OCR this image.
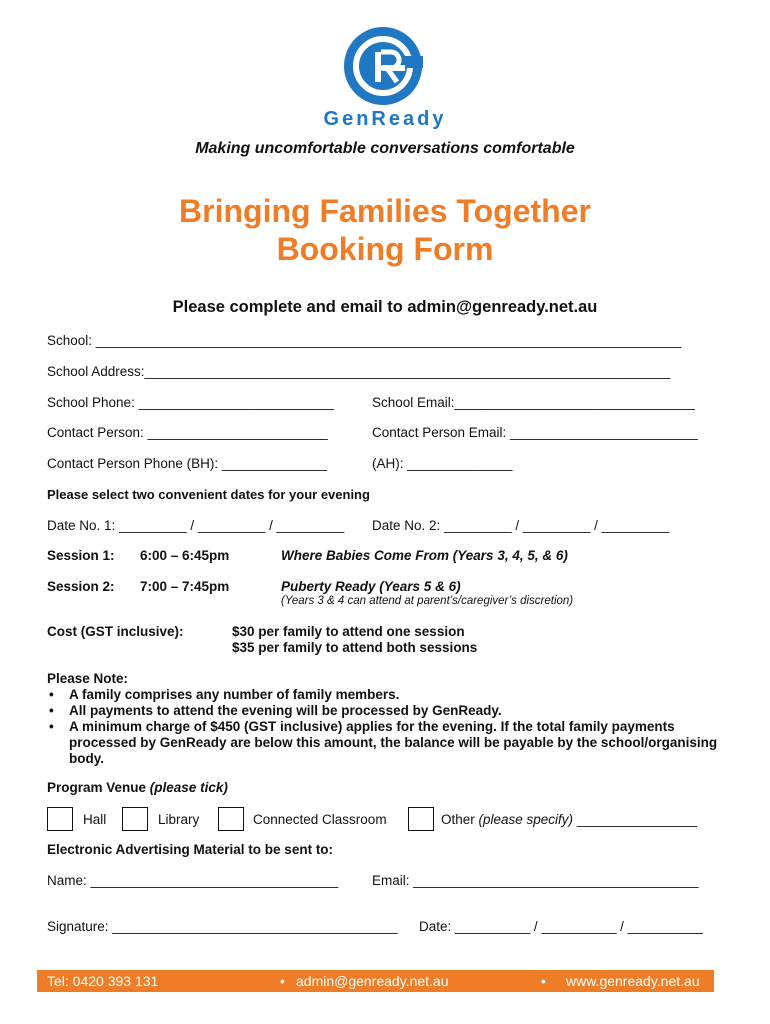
GenReady
Making uncomfortable conversations comfortable
Bringing Families Together
Booking Form
Please complete and email to admin@genready.net.au
School: ______________________________________________________________________________
School Address:______________________________________________________________________
School Phone: __________________________	School Email:________________________________
Contact Person: ________________________	Contact Person Email: _________________________
Contact Person Phone (BH): ______________	(AH): ______________
Please select two convenient dates for your evening
Date No. 1: _________ / _________ / _________ Date No. 2: _________ / _________ / _________
Session 1: 6:00 – 6:45pm	Where Babies Come From (Years 3, 4, 5, & 6)
Session 2: 7:00 – 7:45pm	Puberty Ready (Years 5 & 6)
(Years 3 & 4 can attend at parent’s/caregiver’s discretion)
Cost (GST inclusive):	$30 per family to attend one session
$35 per family to attend both sessions
Please Note:
• A family comprises any number of family members.
• All payments to attend the evening will be processed by GenReady.
• A minimum charge of $450 (GST inclusive) applies for the evening. If the total family payments processed by GenReady are below this amount, the balance will be payable by the school/organising body.
Program Venue (please tick)
Hall	Library	Connected Classroom	Other (please specify) ________________
Electronic Advertising Material to be sent to:
Name: _________________________________ Email: ______________________________________
Signature: ______________________________________ Date: __________ / __________ / __________
Tel: 0420 393 131	• admin@genready.net.au	• www.genready.net.au
